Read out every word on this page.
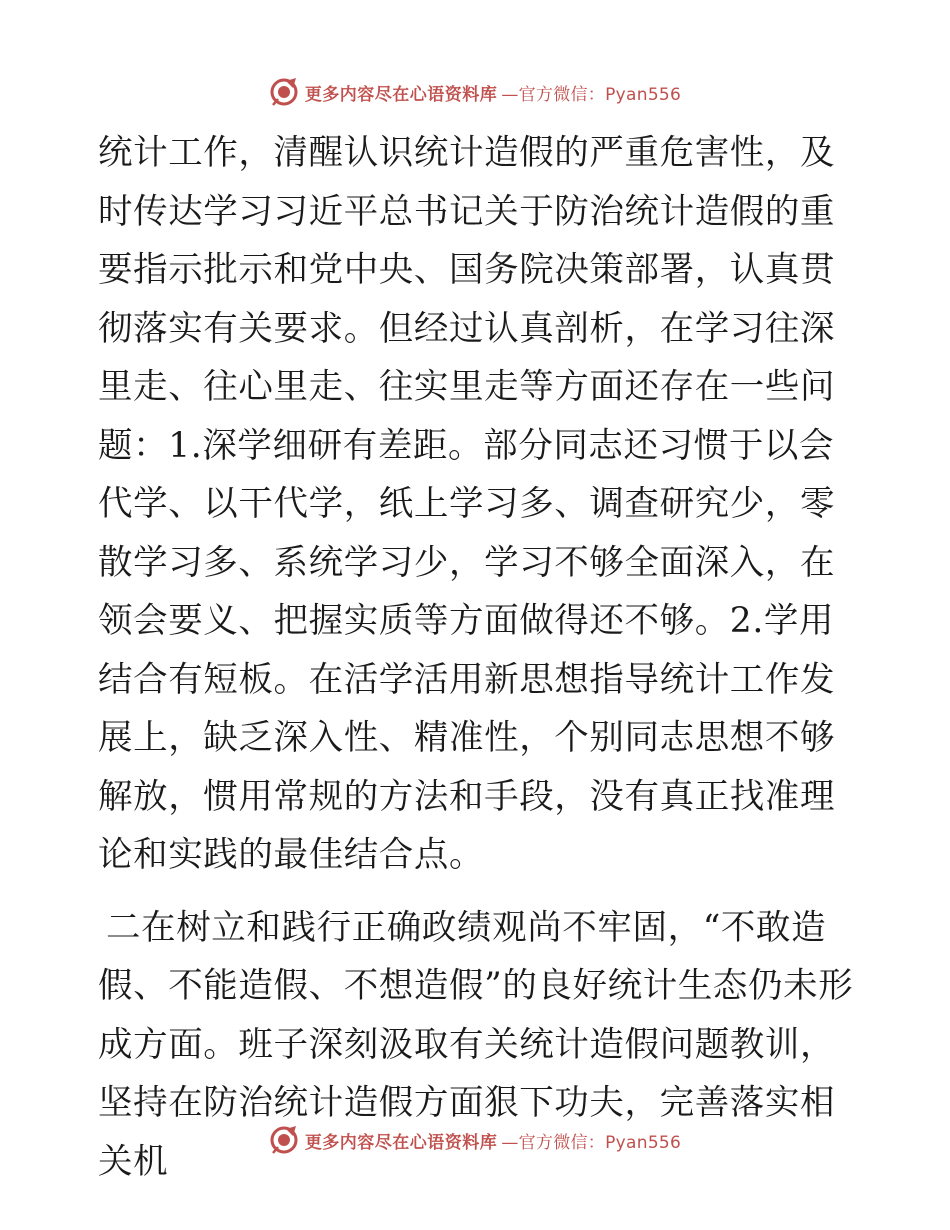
更多内容尽在心语资料库 —官方微信：Pyan556

统计工作，清醒认识统计造假的严重危害性，及时传达学习习近平总书记关于防治统计造假的重要指示批示和党中央、国务院决策部署，认真贯彻落实有关要求。但经过认真剖析，在学习往深里走、往心里走、往实里走等方面还存在一些问题：1.深学细研有差距。部分同志还习惯于以会代学、以干代学，纸上学习多、调查研究少，零散学习多、系统学习少，学习不够全面深入，在领会要义、把握实质等方面做得还不够。2.学用结合有短板。在活学活用新思想指导统计工作发展上，缺乏深入性、精准性，个别同志思想不够解放，惯用常规的方法和手段，没有真正找准理论和实践的最佳结合点。

二在树立和践行正确政绩观尚不牢固，“不敢造假、不能造假、不想造假”的良好统计生态仍未形成方面。班子深刻汲取有关统计造假问题教训，坚持在防治统计造假方面狠下功夫，完善落实相关机	更多内容尽在心语资料库 —官方微信：Pyan556
